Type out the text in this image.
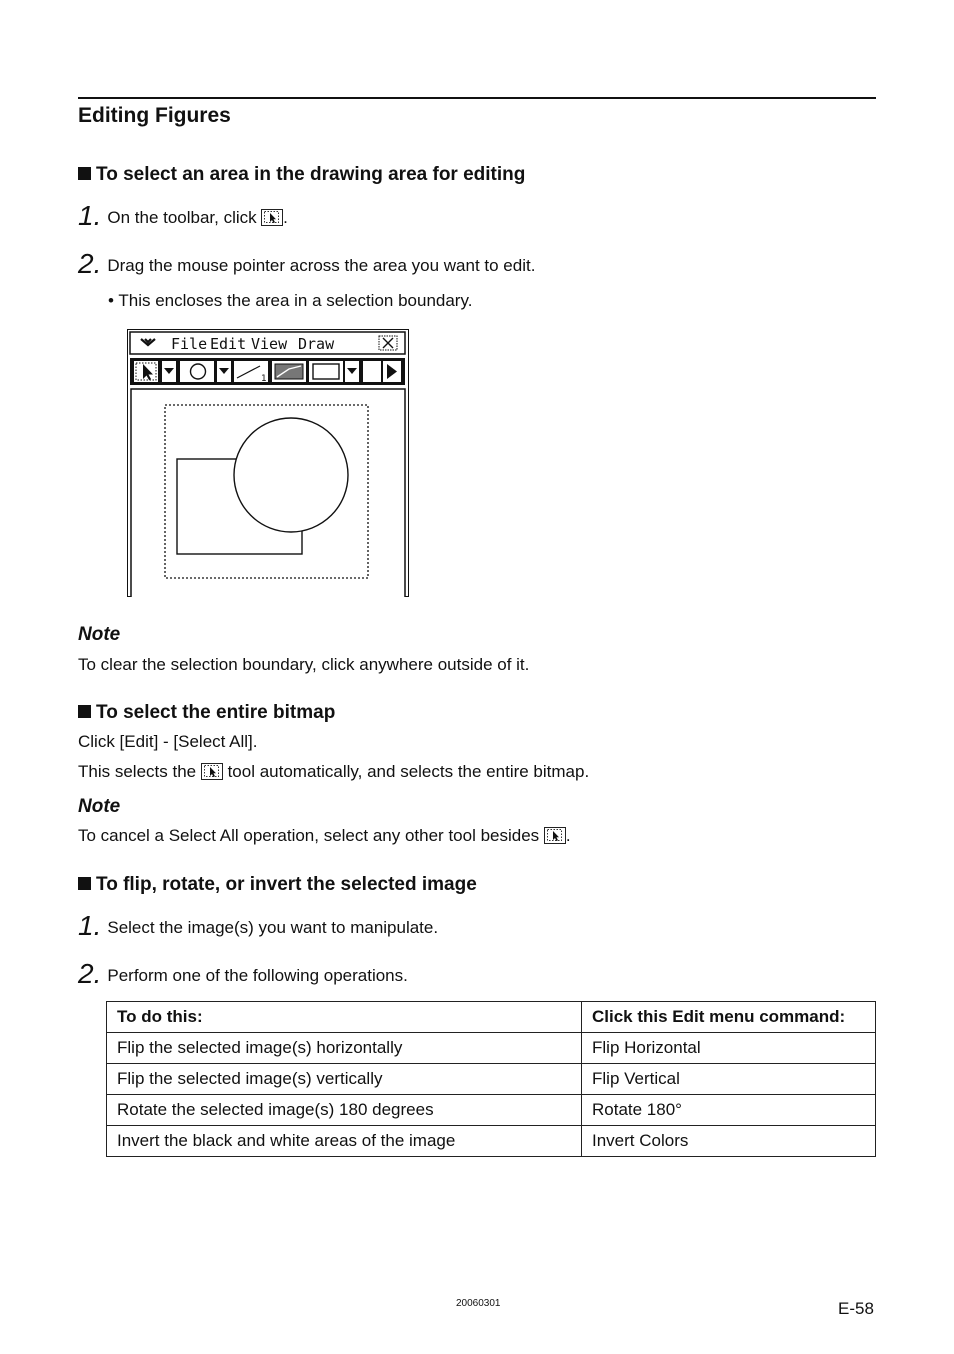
Editing Figures
To select an area in the drawing area for editing
1. On the toolbar, click .
2. Drag the mouse pointer across the area you want to edit.
• This encloses the area in a selection boundary.
File Edit View Draw
1
Note
To clear the selection boundary, click anywhere outside of it.
To select the entire bitmap
Click [Edit] - [Select All].
This selects the tool automatically, and selects the entire bitmap.
Note
To cancel a Select All operation, select any other tool besides .
To flip, rotate, or invert the selected image
1. Select the image(s) you want to manipulate.
2. Perform one of the following operations.
To do this:	Click this Edit menu command:
Flip the selected image(s) horizontally	Flip Horizontal
Flip the selected image(s) vertically	Flip Vertical
Rotate the selected image(s) 180 degrees	Rotate 180°
Invert the black and white areas of the image	Invert Colors
20060301	E-58
